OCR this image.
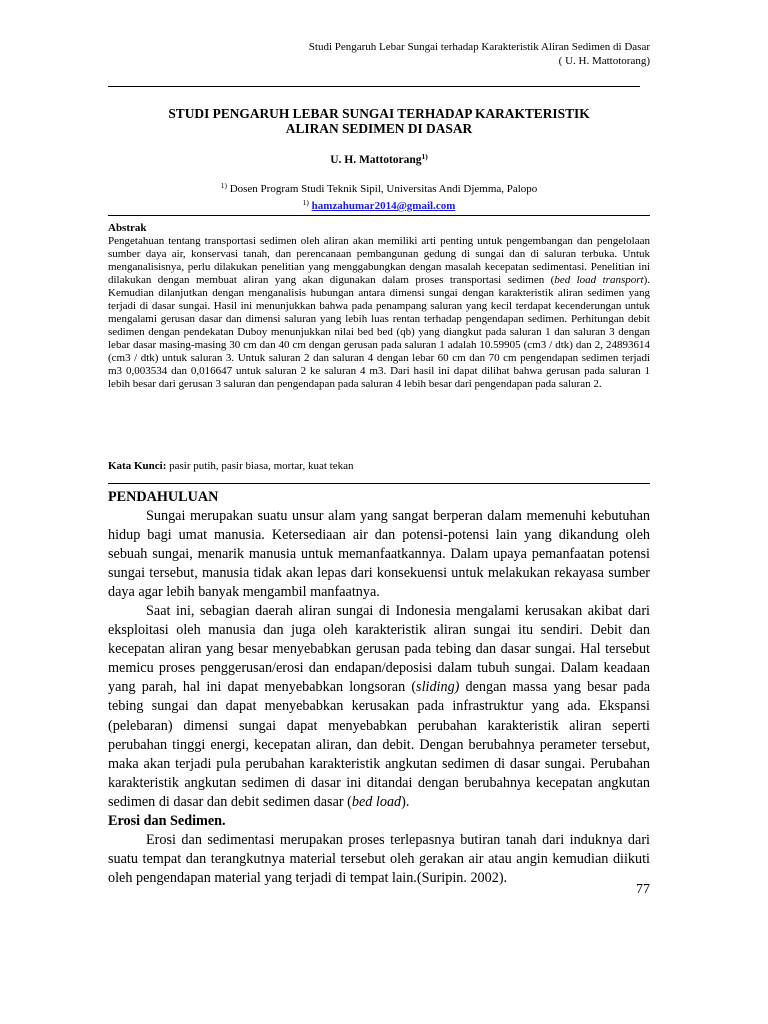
Studi Pengaruh Lebar Sungai terhadap Karakteristik Aliran Sedimen di Dasar
( U. H. Mattotorang)
STUDI PENGARUH LEBAR SUNGAI TERHADAP KARAKTERISTIK
ALIRAN SEDIMEN DI DASAR
U. H. Mattotorang$^{1)}$
$^{1)}$ Dosen Program Studi Teknik Sipil, Universitas Andi Djemma, Palopo
$^{1)}$ hamzahumar2014@gmail.com
Abstrak
Pengetahuan tentang transportasi sedimen oleh aliran akan memiliki arti penting untuk pengembangan dan pengelolaan sumber daya air, konservasi tanah, dan perencanaan pembangunan gedung di sungai dan di saluran terbuka. Untuk menganalisisnya, perlu dilakukan penelitian yang menggabungkan dengan masalah kecepatan sedimentasi. Penelitian ini dilakukan dengan membuat aliran yang akan digunakan dalam proses transportasi sedimen (bed load transport). Kemudian dilanjutkan dengan menganalisis hubungan antara dimensi sungai dengan karakteristik aliran sedimen yang terjadi di dasar sungai. Hasil ini menunjukkan bahwa pada penampang saluran yang kecil terdapat kecenderungan untuk mengalami gerusan dasar dan dimensi saluran yang lebih luas rentan terhadap pengendapan sedimen. Perhitungan debit sedimen dengan pendekatan Duboy menunjukkan nilai bed bed (qb) yang diangkut pada saluran 1 dan saluran 3 dengan lebar dasar masing-masing 30 cm dan 40 cm dengan gerusan pada saluran 1 adalah 10.59905 (cm3 / dtk) dan 2, 24893614 (cm3 / dtk) untuk saluran 3. Untuk saluran 2 dan saluran 4 dengan lebar 60 cm dan 70 cm pengendapan sedimen terjadi m3 0,003534 dan 0,016647 untuk saluran 2 ke saluran 4 m3. Dari hasil ini dapat dilihat bahwa gerusan pada saluran 1 lebih besar dari gerusan 3 saluran dan pengendapan pada saluran 4 lebih besar dari pengendapan pada saluran 2.
Kata Kunci: pasir putih, pasir biasa, mortar, kuat tekan
PENDAHULUAN

Sungai merupakan suatu unsur alam yang sangat berperan dalam memenuhi kebutuhan hidup bagi umat manusia. Ketersediaan air dan potensi-potensi lain yang dikandung oleh sebuah sungai, menarik manusia untuk memanfaatkannya. Dalam upaya pemanfaatan potensi sungai tersebut, manusia tidak akan lepas dari konsekuensi untuk melakukan rekayasa sumber daya agar lebih banyak mengambil manfaatnya.

Saat ini, sebagian daerah aliran sungai di Indonesia mengalami kerusakan akibat dari eksploitasi oleh manusia dan juga oleh karakteristik aliran sungai itu sendiri. Debit dan kecepatan aliran yang besar menyebabkan gerusan pada tebing dan dasar sungai. Hal tersebut memicu proses penggerusan/erosi dan endapan/deposisi dalam tubuh sungai. Dalam keadaan yang parah, hal ini dapat menyebabkan longsoran (sliding) dengan massa yang besar pada tebing sungai dan dapat menyebabkan kerusakan pada infrastruktur yang ada. Ekspansi (pelebaran) dimensi sungai dapat menyebabkan perubahan karakteristik aliran seperti perubahan tinggi energi, kecepatan aliran, dan debit. Dengan berubahnya perameter tersebut, maka akan terjadi pula perubahan karakteristik angkutan sedimen di dasar sungai. Perubahan karakteristik angkutan sedimen di dasar ini ditandai dengan berubahnya kecepatan angkutan sedimen di dasar dan debit sedimen dasar (bed load).

Erosi dan Sedimen.

Erosi dan sedimentasi merupakan proses terlepasnya butiran tanah dari induknya dari suatu tempat dan terangkutnya material tersebut oleh gerakan air atau angin kemudian diikuti oleh pengendapan material yang terjadi di tempat lain.(Suripin. 2002).

77
